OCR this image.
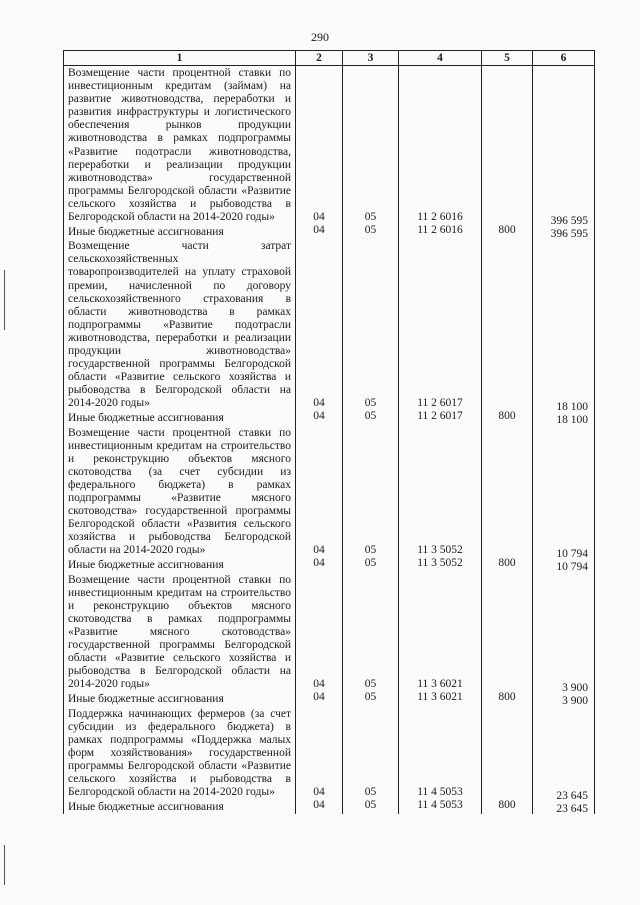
290
1	2	3	4	5	6
Возмещение части процентной ставки по инвестиционным кредитам (займам) на развитие животноводства, переработки и развития инфраструктуры и логистического обеспечения рынков продукции животноводства в рамках подпрограммы «Развитие подотрасли животноводства, переработки и реализации продукции животноводства» государственной программы Белгородской области «Развитие сельского хозяйства и рыбоводства в Белгородской области на 2014-2020 годы»	04	05	11 2 6016		396 595
Иные бюджетные ассигнования	04	05	11 2 6016	800	396 595
Возмещение части затрат сельскохозяйственных товаропроизводителей на уплату страховой премии, начисленной по договору сельскохозяйственного страхования в области животноводства в рамках подпрограммы «Развитие подотрасли животноводства, переработки и реализации продукции животноводства» государственной программы Белгородской области «Развитие сельского хозяйства и рыбоводства в Белгородской области на 2014-2020 годы»	04	05	11 2 6017		18 100
Иные бюджетные ассигнования	04	05	11 2 6017	800	18 100
Возмещение части процентной ставки по инвестиционным кредитам на строительство и реконструкцию объектов мясного скотоводства (за счет субсидии из федерального бюджета) в рамках подпрограммы «Развитие мясного скотоводства» государственной программы Белгородской области «Развития сельского хозяйства и рыбоводства Белгородской области на 2014-2020 годы»	04	05	11 3 5052		10 794
Иные бюджетные ассигнования	04	05	11 3 5052	800	10 794
Возмещение части процентной ставки по инвестиционным кредитам на строительство и реконструкцию объектов мясного скотоводства в рамках подпрограммы «Развитие мясного скотоводства» государственной программы Белгородской области «Развитие сельского хозяйства и рыбоводства в Белгородской области на 2014-2020 годы»	04	05	11 3 6021		3 900
Иные бюджетные ассигнования	04	05	11 3 6021	800	3 900
Поддержка начинающих фермеров (за счет субсидии из федерального бюджета) в рамках подпрограммы «Поддержка малых форм хозяйствования» государственной программы Белгородской области «Развитие сельского хозяйства и рыбоводства в Белгородской области на 2014-2020 годы»	04	05	11 4 5053		23 645
Иные бюджетные ассигнования	04	05	11 4 5053	800	23 645
